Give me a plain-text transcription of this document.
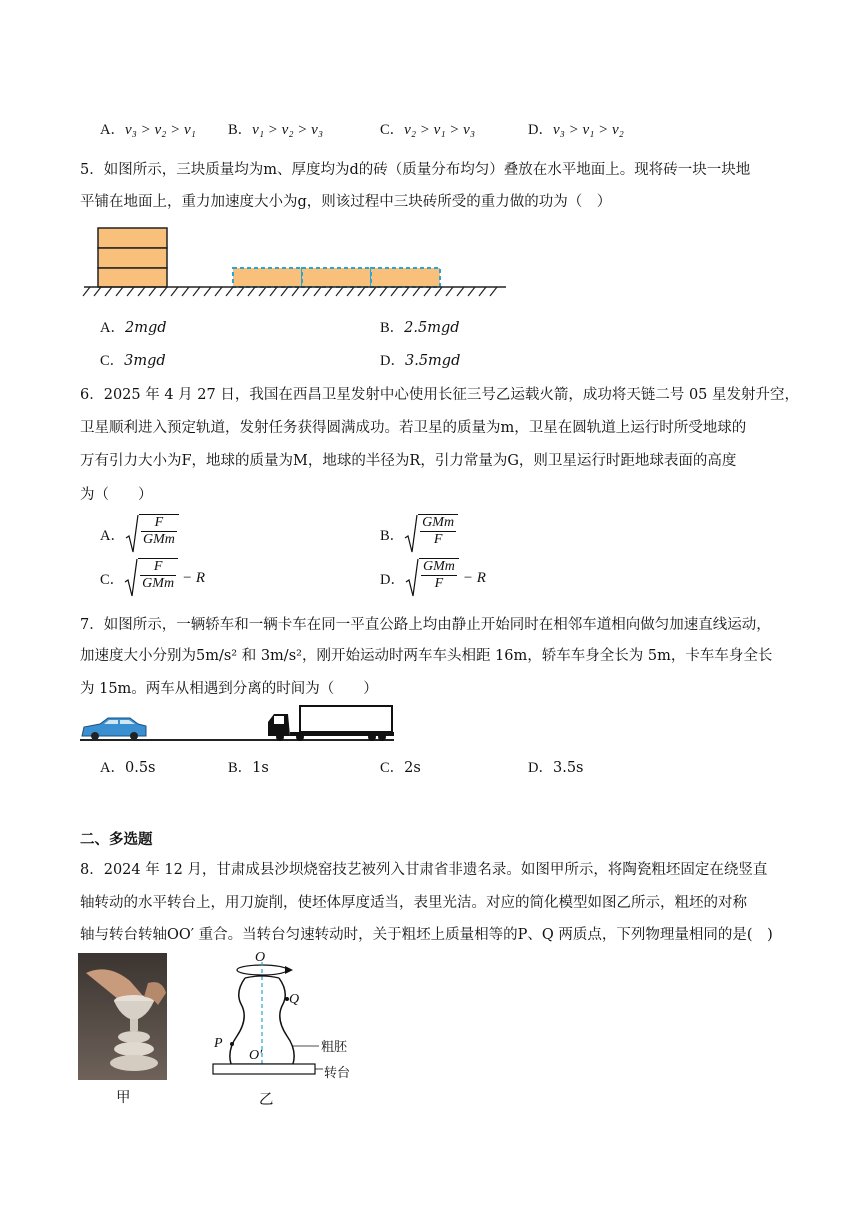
A．v₃ > v₂ > v₁ B．v₁ > v₂ > v₃	C．v₂ > v₁ > v₃	D．v₃ > v₁ > v₂
5．如图所示，三块质量均为m、厚度均为d的砖（质量分布均匀）叠放在水平地面上。现将砖一块一块地
平铺在地面上，重力加速度大小为g，则该过程中三块砖所受的重力做的功为（　）
A．2mgd	B．2.5mgd
C．3mgd	D．3.5mgd
6．2025 年 4 月 27 日，我国在西昌卫星发射中心使用长征三号乙运载火箭，成功将天链二号 05 星发射升空，
卫星顺利进入预定轨道，发射任务获得圆满成功。若卫星的质量为m，卫星在圆轨道上运行时所受地球的
万有引力大小为F，地球的质量为M，地球的半径为R，引力常量为G，则卫星运行时距地球表面的高度
为（　　）
A． $\frac{F}{\text{GMm}}$	B． $\frac{\text{GMm}}{F}$
C． $\frac{F}{\text{GMm}} - R$	D． $\frac{\text{GMm}}{F} - R$
7．如图所示，一辆轿车和一辆卡车在同一平直公路上均由静止开始同时在相邻车道相向做匀加速直线运动，
加速度大小分别为5m/s² 和 3m/s²，刚开始运动时两车车头相距 16m，轿车车身全长为 5m，卡车车身全长
为 15m。两车从相遇到分离的时间为（　　）
A．0.5s	B．1s	C．2s	D．3.5s
二、多选题
8．2024 年 12 月，甘肃成县沙坝烧窑技艺被列入甘肃省非遗名录。如图甲所示，将陶瓷粗坯固定在绕竖直
轴转动的水平转台上，用刀旋削，使坯体厚度适当，表里光洁。对应的简化模型如图乙所示，粗坯的对称
轴与转台转轴OO′ 重合。当转台匀速转动时，关于粗坯上质量相等的P、Q 两质点，下列物理量相同的是(　)
甲
O
Q
P
O′
粗胚
转台
乙
